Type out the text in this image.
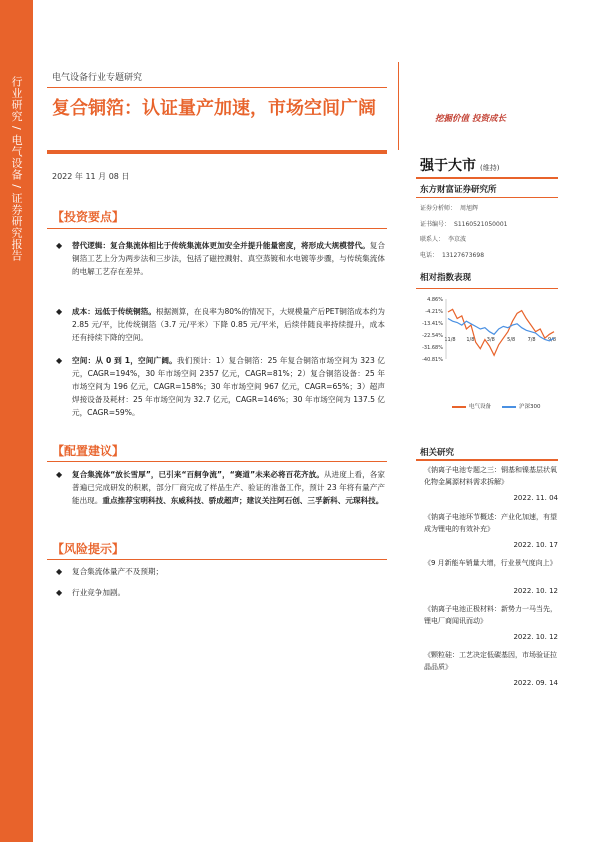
行业研究 / 电气设备 / 证券研究报告	电气设备行业专题研究
复合铜箔：认证量产加速，市场空间广阔	挖掘价值 投资成长
2022 年 11 月 08 日
【投资要点】
◆ 替代逻辑：复合集流体相比于传统集流体更加安全并提升能量密度，将形成大规模替代。复合铜箔工艺上分为两步法和三步法，包括了磁控溅射、真空蒸镀和水电镀等步骤，与传统集流体的电解工艺存在差异。
◆ 成本：远低于传统铜箔。根据测算，在良率为80%的情况下，大规模量产后PET铜箔成本约为 2.85 元/平，比传统铜箔（3.7 元/平米）下降 0.85 元/平米，后续伴随良率持续提升，成本还有持续下降的空间。
◆ 空间：从 0 到 1，空间广阔。我们预计：1）复合铜箔：25 年复合铜箔市场空间为 323 亿元，CAGR=194%，30 年市场空间 2357 亿元，CAGR=81%；2）复合铜箔设备：25 年市场空间为 196 亿元，CAGR=158%；30 年市场空间 967 亿元，CAGR=65%；3）超声焊接设备及耗材：25 年市场空间为 32.7 亿元，CAGR=146%；30 年市场空间为 137.5 亿元，CAGR=59%。
【配置建议】
◆ 复合集流体“放长雪厚”，已引来“百舸争流”，“赛道”未来必将百花齐放。从进度上看，各家普遍已完成研发的积累，部分厂商完成了样品生产、验证的准备工作，预计 23 年将有量产产能出现。重点推荐宝明科技、东威科技、骄成超声；建议关注阿石创、三孚新科、元琛科技。
【风险提示】
◆ 复合集流体量产不及预期；
◆ 行业竞争加剧。
强于大市 (维持)
东方财富证券研究所
证券分析师： 周旭辉
证书编号： S1160521050001
联系人： 李京波
电话： 13127673698
相对指数表现
4.86%
-4.21%
-13.41%
-22.54%
-31.68%
-40.81%
11/8 1/8 3/8 5/8 7/8 9/8
电气设备	沪深300
相关研究
《钠离子电池专题之三：铜基和镍基层状氧化物金属源材料需求拆解》
2022. 11. 04
《钠离子电池环节概述：产业化加速，有望成为锂电的有效补充》
2022. 10. 17
《9 月新能车销量大增，行业景气度向上》
2022. 10. 12
《钠离子电池正极材料：新势力一马当先，锂电厂商闻讯而动》
2022. 10. 12
《颗粒硅：工艺决定低碳基因，市场验证拉晶品质》
2022. 09. 14
